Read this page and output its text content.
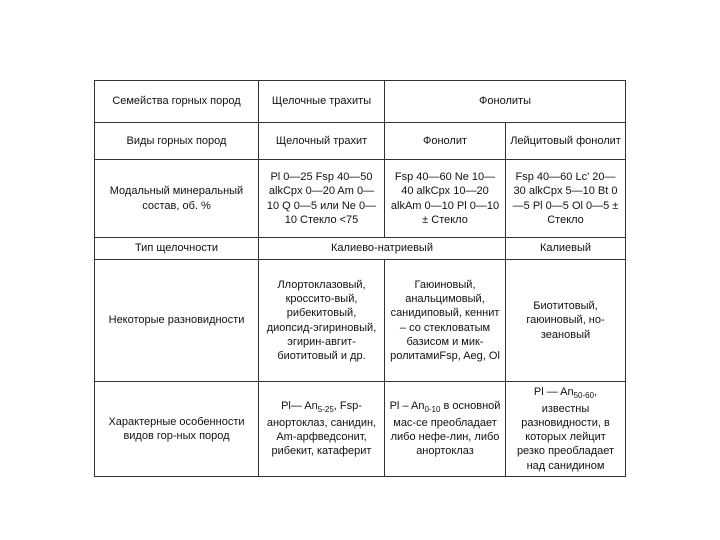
Семейства горных пород	Щелочные трахиты	Фонолиты	
Виды горных пород	Щелочный трахит	Фонолит	Лейцитовый фонолит
Модальный минеральный состав, об. %	Pl 0—25 Fsp 40—50 alkCpx 0—20 Am 0—10 Q 0—5 или Ne 0—10 Стекло <75	Fsp 40—60 Ne 10—40 alkCpx 10—20 alkAm 0—10 Pl 0—10 ± Стекло	Fsp 40—60 Lc' 20—30 alkCpx 5—10 Bt 0—5 Pl 0—5 Ol 0—5 ± Стекло
Тип щелочности	Калиево-натриевый		Калиевый
Некоторые разновидности	Ллортоклазовый, кроссито-вый, рибекитовый, диопсид-эгириновый, эгирин-авгит-биотитовый и др.	Гаюиновый, анальцимовый, санидиповый, кеннит – со стекловатым базисом и мик-ролитамиFsp, Aeg, Ol	Биотитовый, гаюиновый, но-зеановый
Характерные особенности видов гор-ных пород	Pl— $An_{5-25}$, Fsp-анортоклаз, санидин, Am-арфведсонит, рибекит, катаферит	Pl – $An_{0-10}$ в основной мас-се преобладает либо нефе-лин, либо анортоклаз	Pl — $An_{50-60}$, известны разновидности, в которых лейцит резко преобладает над санидином
